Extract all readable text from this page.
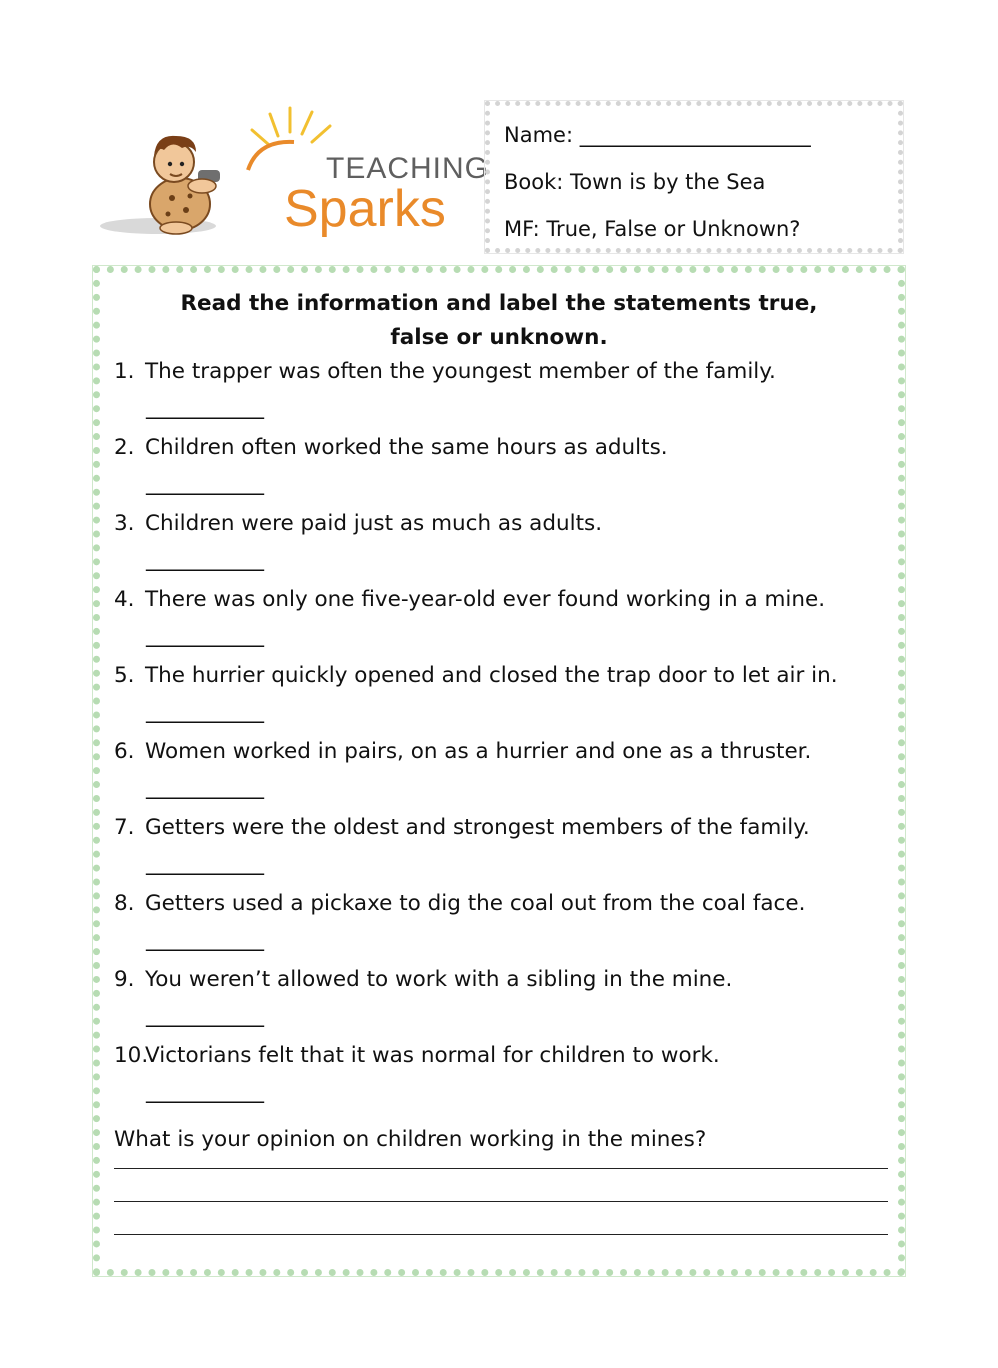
TEACHING
Sparks
Name: ______________________
Book: Town is by the Sea
MF: True, False or Unknown?
Read the information and label the statements true, false or unknown.
1. The trapper was often the youngest member of the family.
____________
2. Children often worked the same hours as adults.
____________
3. Children were paid just as much as adults.
____________
4. There was only one five-year-old ever found working in a mine.
____________
5. The hurrier quickly opened and closed the trap door to let air in.
____________
6. Women worked in pairs, on as a hurrier and one as a thruster.
____________
7. Getters were the oldest and strongest members of the family.
____________
8. Getters used a pickaxe to dig the coal out from the coal face.
____________
9. You weren’t allowed to work with a sibling in the mine.
____________
10.Victorians felt that it was normal for children to work.
____________
What is your opinion on children working in the mines?
